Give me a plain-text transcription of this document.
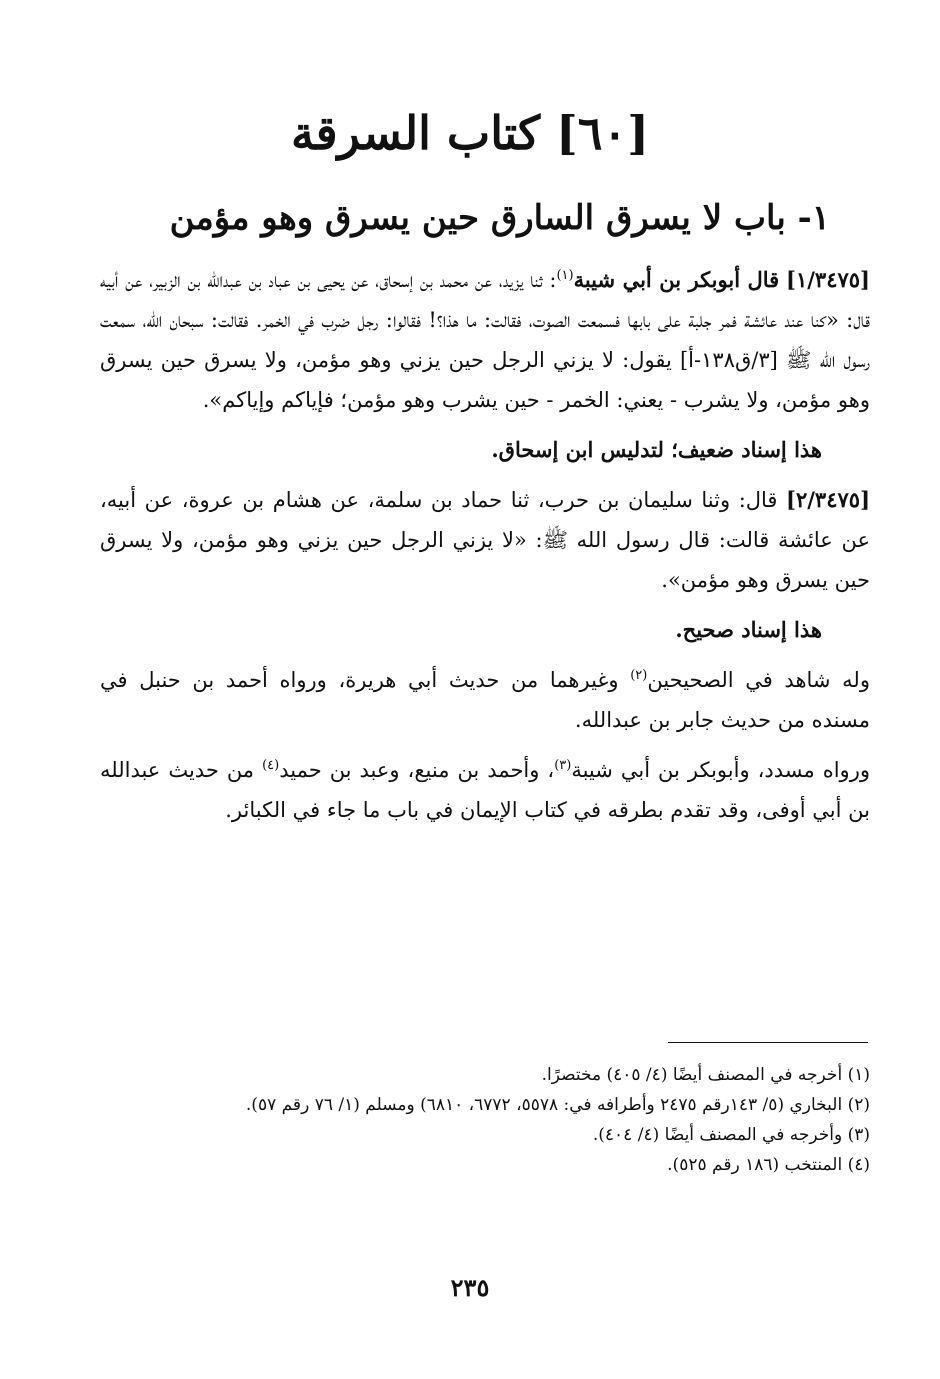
[٦٠] كتاب السرقة
١- باب لا يسرق السارق حين يسرق وهو مؤمن

[١/٣٤٧٥] قال أبوبكر بن أبي شيبة$^{(١)}$: ثنا يزيد، عن محمد بن إسحاق، عن يحيى بن عباد بن عبدالله بن الزبير، عن أبيه قال: «كنا عند عائشة فمر جلبة على بابها فسمعت الصوت، فقالت: ما هذا؟! فقالوا: رجل ضرب في الخمر. فقالت: سبحان الله، سمعت رسول الله ﷺ [٣/ق١٣٨-أ] يقول: لا يزني الرجل حين يزني وهو مؤمن، ولا يسرق حين يسرق وهو مؤمن، ولا يشرب - يعني: الخمر - حين يشرب وهو مؤمن؛ فإياكم وإياكم».

هذا إسناد ضعيف؛ لتدليس ابن إسحاق.

[٢/٣٤٧٥] قال: وثنا سليمان بن حرب، ثنا حماد بن سلمة، عن هشام بن عروة، عن أبيه، عن عائشة قالت: قال رسول الله ﷺ: «لا يزني الرجل حين يزني وهو مؤمن، ولا يسرق حين يسرق وهو مؤمن».

هذا إسناد صحيح.

وله شاهد في الصحيحين$^{(٢)}$ وغيرهما من حديث أبي هريرة، ورواه أحمد بن حنبل في مسنده من حديث جابر بن عبدالله.

ورواه مسدد، وأبوبكر بن أبي شيبة$^{(٣)}$، وأحمد بن منيع، وعبد بن حميد$^{(٤)}$ من حديث عبدالله بن أبي أوفى، وقد تقدم بطرقه في كتاب الإيمان في باب ما جاء في الكبائر.

(١) أخرجه في المصنف أيضًا (٤/ ٤٠٥) مختصرًا.

(٢) البخاري (٥/ ١٤٣رقم ٢٤٧٥ وأطرافه في: ٥٥٧٨، ٦٧٧٢، ٦٨١٠) ومسلم (١/ ٧٦ رقم ٥٧).

(٣) وأخرجه في المصنف أيضًا (٤/ ٤٠٤).

(٤) المنتخب (١٨٦ رقم ٥٢٥).

٢٣٥
